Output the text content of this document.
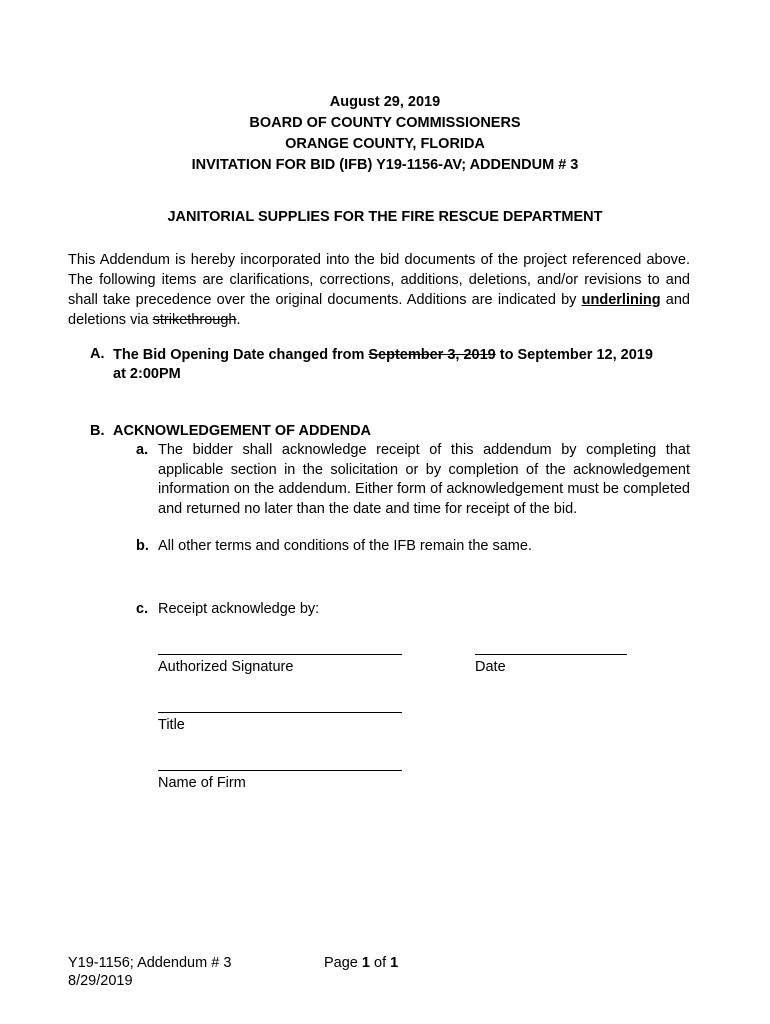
August 29, 2019
BOARD OF COUNTY COMMISSIONERS
ORANGE COUNTY, FLORIDA
INVITATION FOR BID (IFB) Y19-1156-AV; ADDENDUM # 3
JANITORIAL SUPPLIES FOR THE FIRE RESCUE DEPARTMENT
This Addendum is hereby incorporated into the bid documents of the project referenced above. The following items are clarifications, corrections, additions, deletions, and/or revisions to and shall take precedence over the original documents. Additions are indicated by underlining and deletions via strikethrough.
A. The Bid Opening Date changed from September 3, 2019 to September 12, 2019
at 2:00PM
B. ACKNOWLEDGEMENT OF ADDENDA
a. The bidder shall acknowledge receipt of this addendum by completing that applicable section in the solicitation or by completion of the acknowledgement information on the addendum. Either form of acknowledgement must be completed and returned no later than the date and time for receipt of the bid.
b. All other terms and conditions of the IFB remain the same.
c. Receipt acknowledge by:
Authorized Signature	Date
Title
Name of Firm
Y19-1156; Addendum # 3
8/29/2019
Page 1 of 1
